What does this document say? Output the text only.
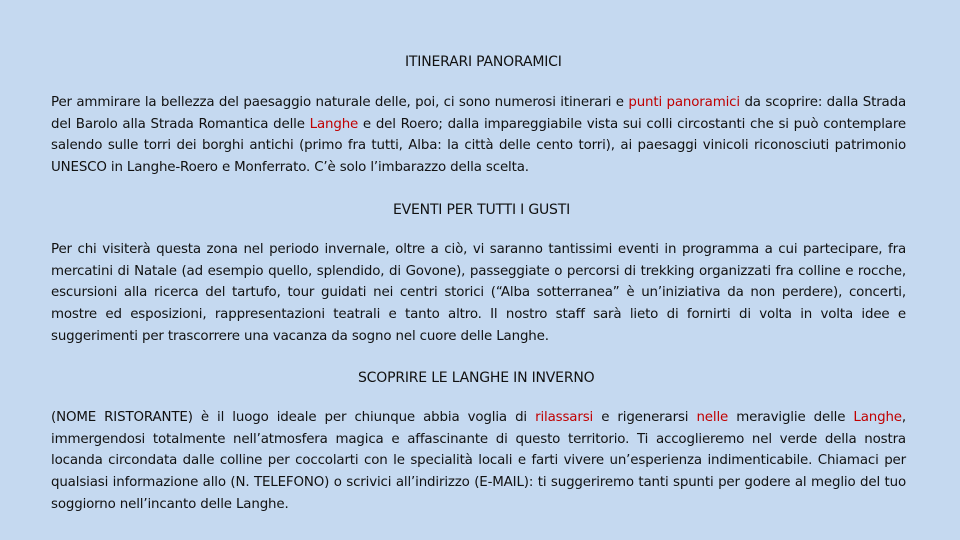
ITINERARI PANORAMICI

Per ammirare la bellezza del paesaggio naturale delle, poi, ci sono numerosi itinerari e punti panoramici da scoprire: dalla Strada del Barolo alla Strada Romantica delle Langhe e del Roero; dalla impareggiabile vista sui colli circostanti che si può contemplare salendo sulle torri dei borghi antichi (primo fra tutti, Alba: la città delle cento torri), ai paesaggi vinicoli riconosciuti patrimonio UNESCO in Langhe-Roero e Monferrato. C’è solo l’imbarazzo della scelta.

EVENTI PER TUTTI I GUSTI

Per chi visiterà questa zona nel periodo invernale, oltre a ciò, vi saranno tantissimi eventi in programma a cui partecipare, fra mercatini di Natale (ad esempio quello, splendido, di Govone), passeggiate o percorsi di trekking organizzati fra colline e rocche, escursioni alla ricerca del tartufo, tour guidati nei centri storici (“Alba sotterranea” è un’iniziativa da non perdere), concerti, mostre ed esposizioni, rappresentazioni teatrali e tanto altro. Il nostro staff sarà lieto di fornirti di volta in volta idee e suggerimenti per trascorrere una vacanza da sogno nel cuore delle Langhe.

SCOPRIRE LE LANGHE IN INVERNO

(NOME RISTORANTE) è il luogo ideale per chiunque abbia voglia di rilassarsi e rigenerarsi nelle meraviglie delle Langhe, immergendosi totalmente nell’atmosfera magica e affascinante di questo territorio. Ti accoglieremo nel verde della nostra locanda circondata dalle colline per coccolarti con le specialità locali e farti vivere un’esperienza indimenticabile. Chiamaci per qualsiasi informazione allo (N. TELEFONO) o scrivici all’indirizzo (E-MAIL): ti suggeriremo tanti spunti per godere al meglio del tuo soggiorno nell’incanto delle Langhe.
